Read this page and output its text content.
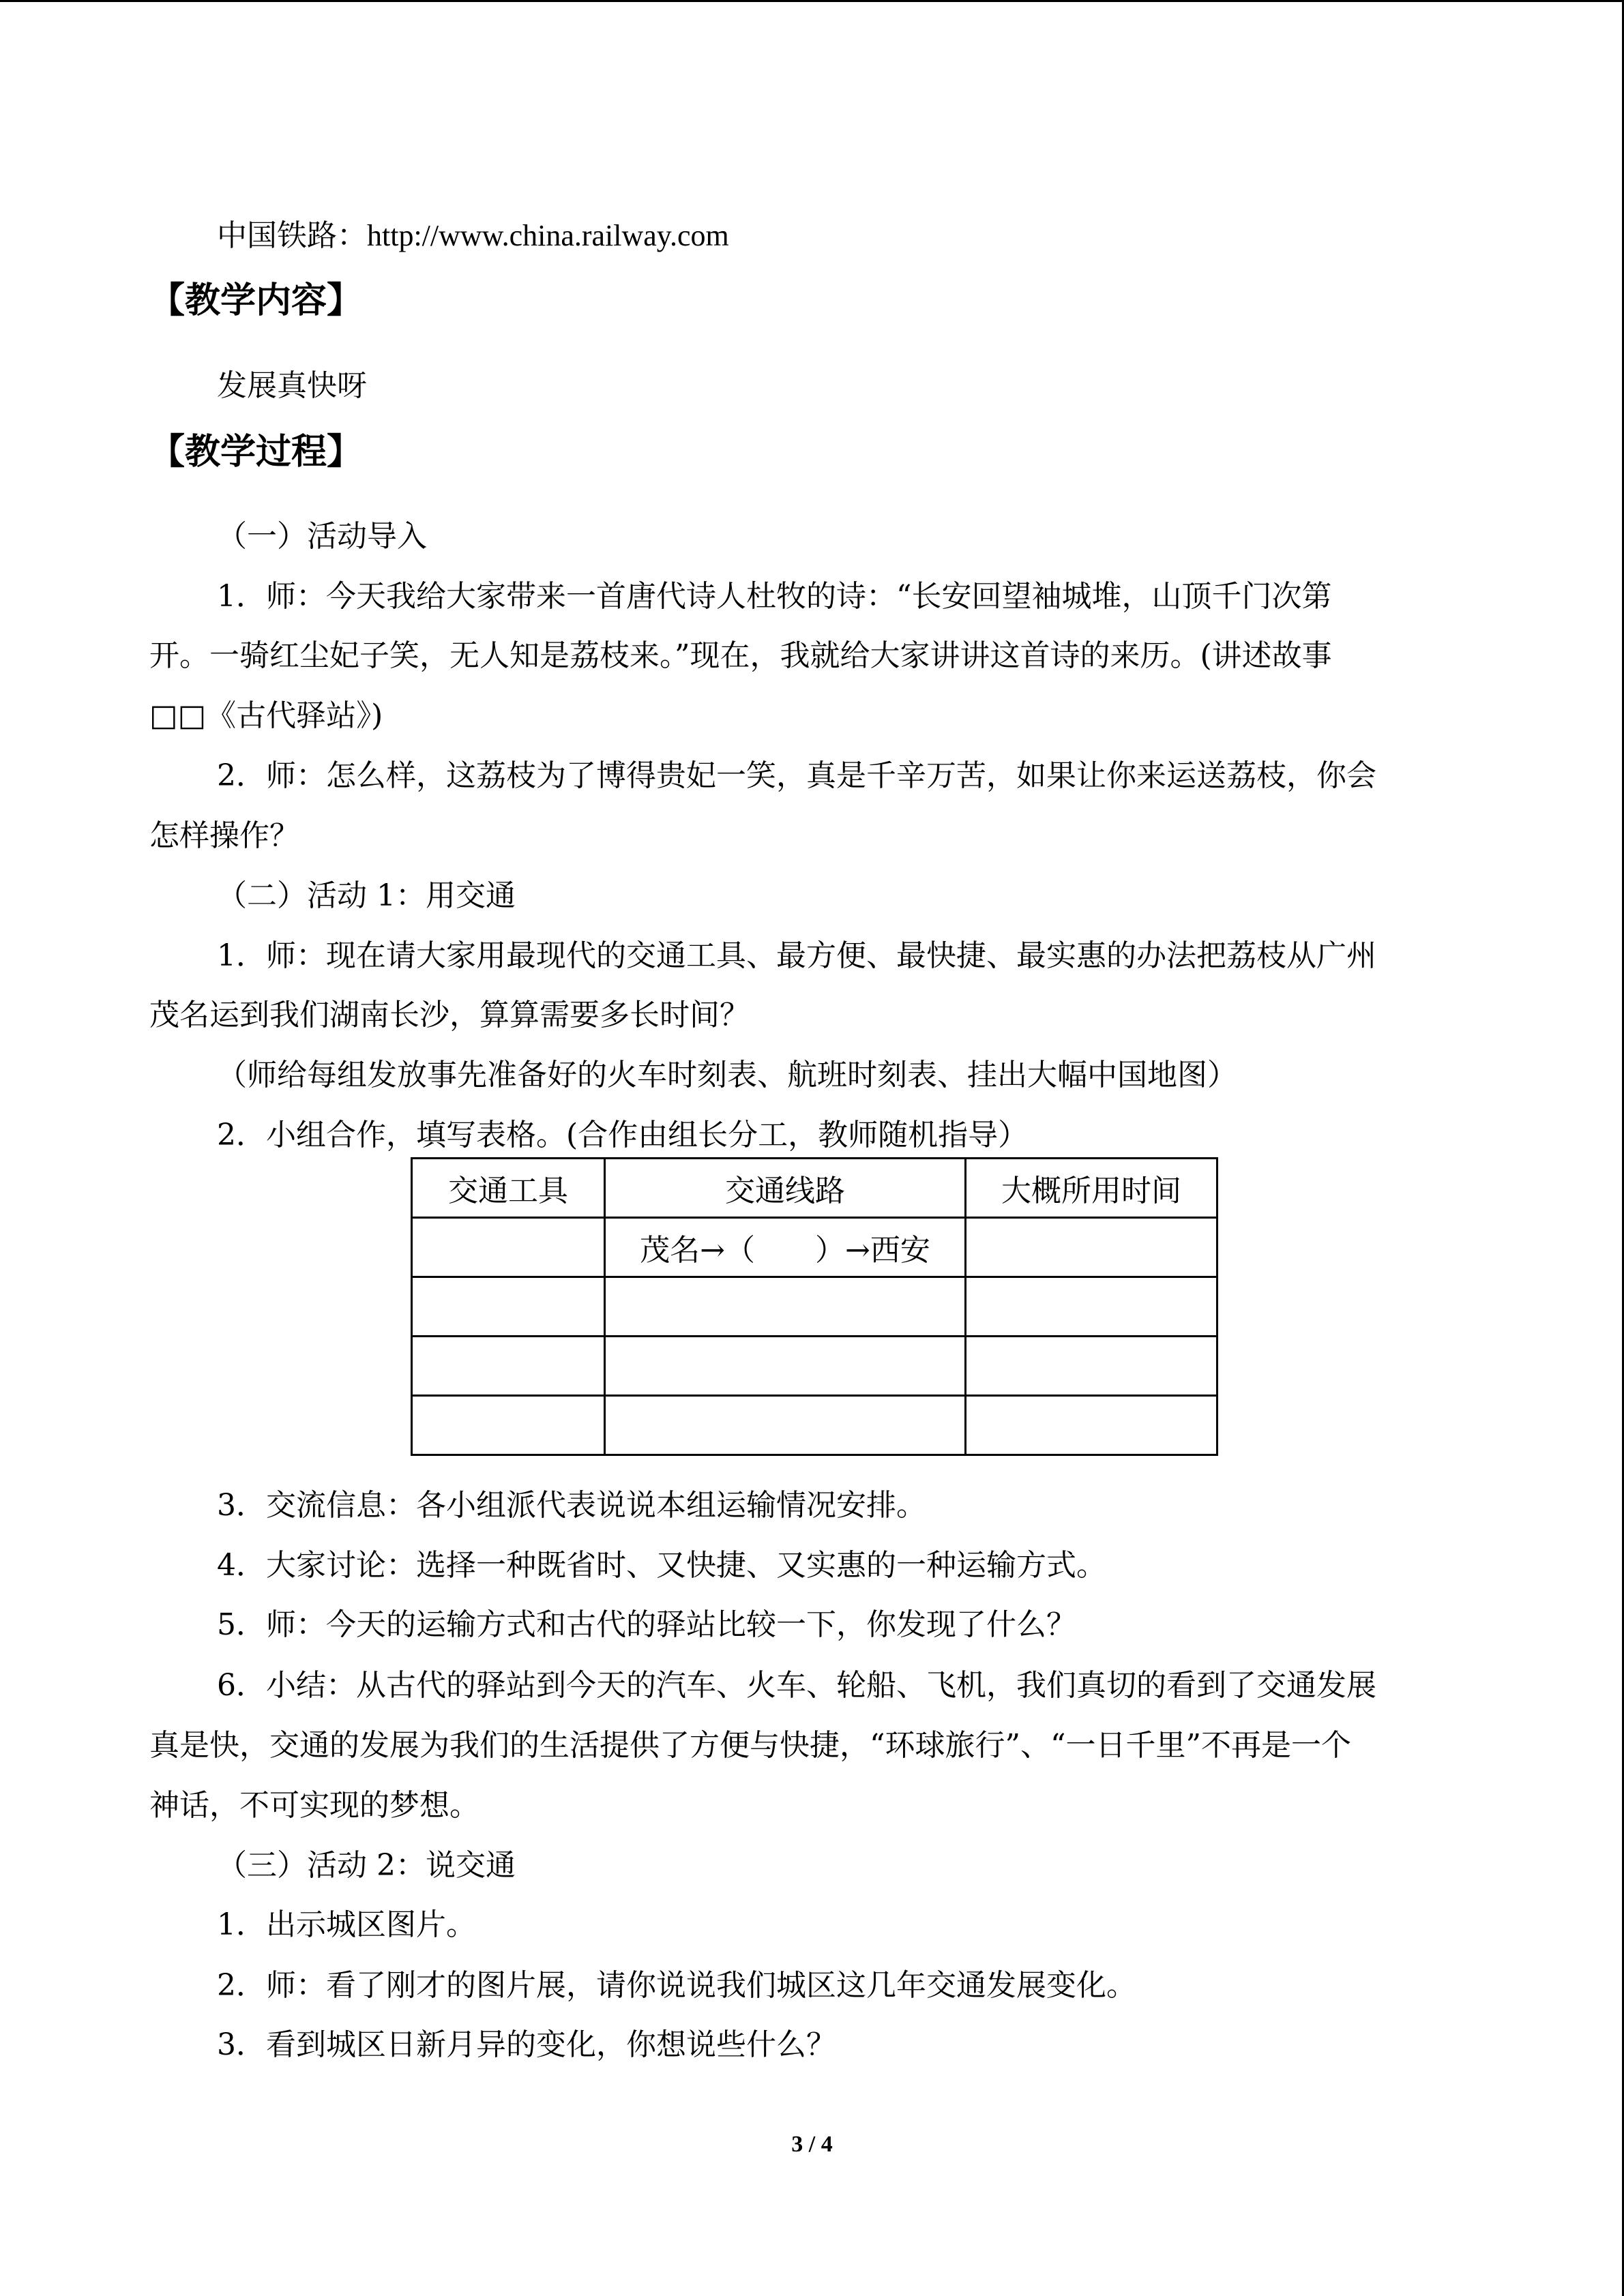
中国铁路：http://www.china.railway.com
【教学内容】
发展真快呀
【教学过程】
（一）活动导入
1．师：今天我给大家带来一首唐代诗人杜牧的诗：“长安回望袖城堆，山顶千门次第
开。一骑红尘妃子笑，无人知是荔枝来。”现在，我就给大家讲讲这首诗的来历。(讲述故事
□□《古代驿站》)
2．师：怎么样，这荔枝为了博得贵妃一笑，真是千辛万苦，如果让你来运送荔枝，你会
怎样操作？
（二）活动 1：用交通
1．师：现在请大家用最现代的交通工具、最方便、最快捷、最实惠的办法把荔枝从广州
茂名运到我们湖南长沙，算算需要多长时间？
（师给每组发放事先准备好的火车时刻表、航班时刻表、挂出大幅中国地图）
2．小组合作，填写表格。(合作由组长分工，教师随机指导）
交通工具	交通线路	大概所用时间
	茂名→（　　）→西安	

3．交流信息：各小组派代表说说本组运输情况安排。
4．大家讨论：选择一种既省时、又快捷、又实惠的一种运输方式。
5．师：今天的运输方式和古代的驿站比较一下，你发现了什么？
6．小结：从古代的驿站到今天的汽车、火车、轮船、飞机，我们真切的看到了交通发展
真是快，交通的发展为我们的生活提供了方便与快捷，“环球旅行”、“一日千里”不再是一个
神话，不可实现的梦想。
（三）活动 2：说交通
1．出示城区图片。
2．师：看了刚才的图片展，请你说说我们城区这几年交通发展变化。
3．看到城区日新月异的变化，你想说些什么？
3 / 4
